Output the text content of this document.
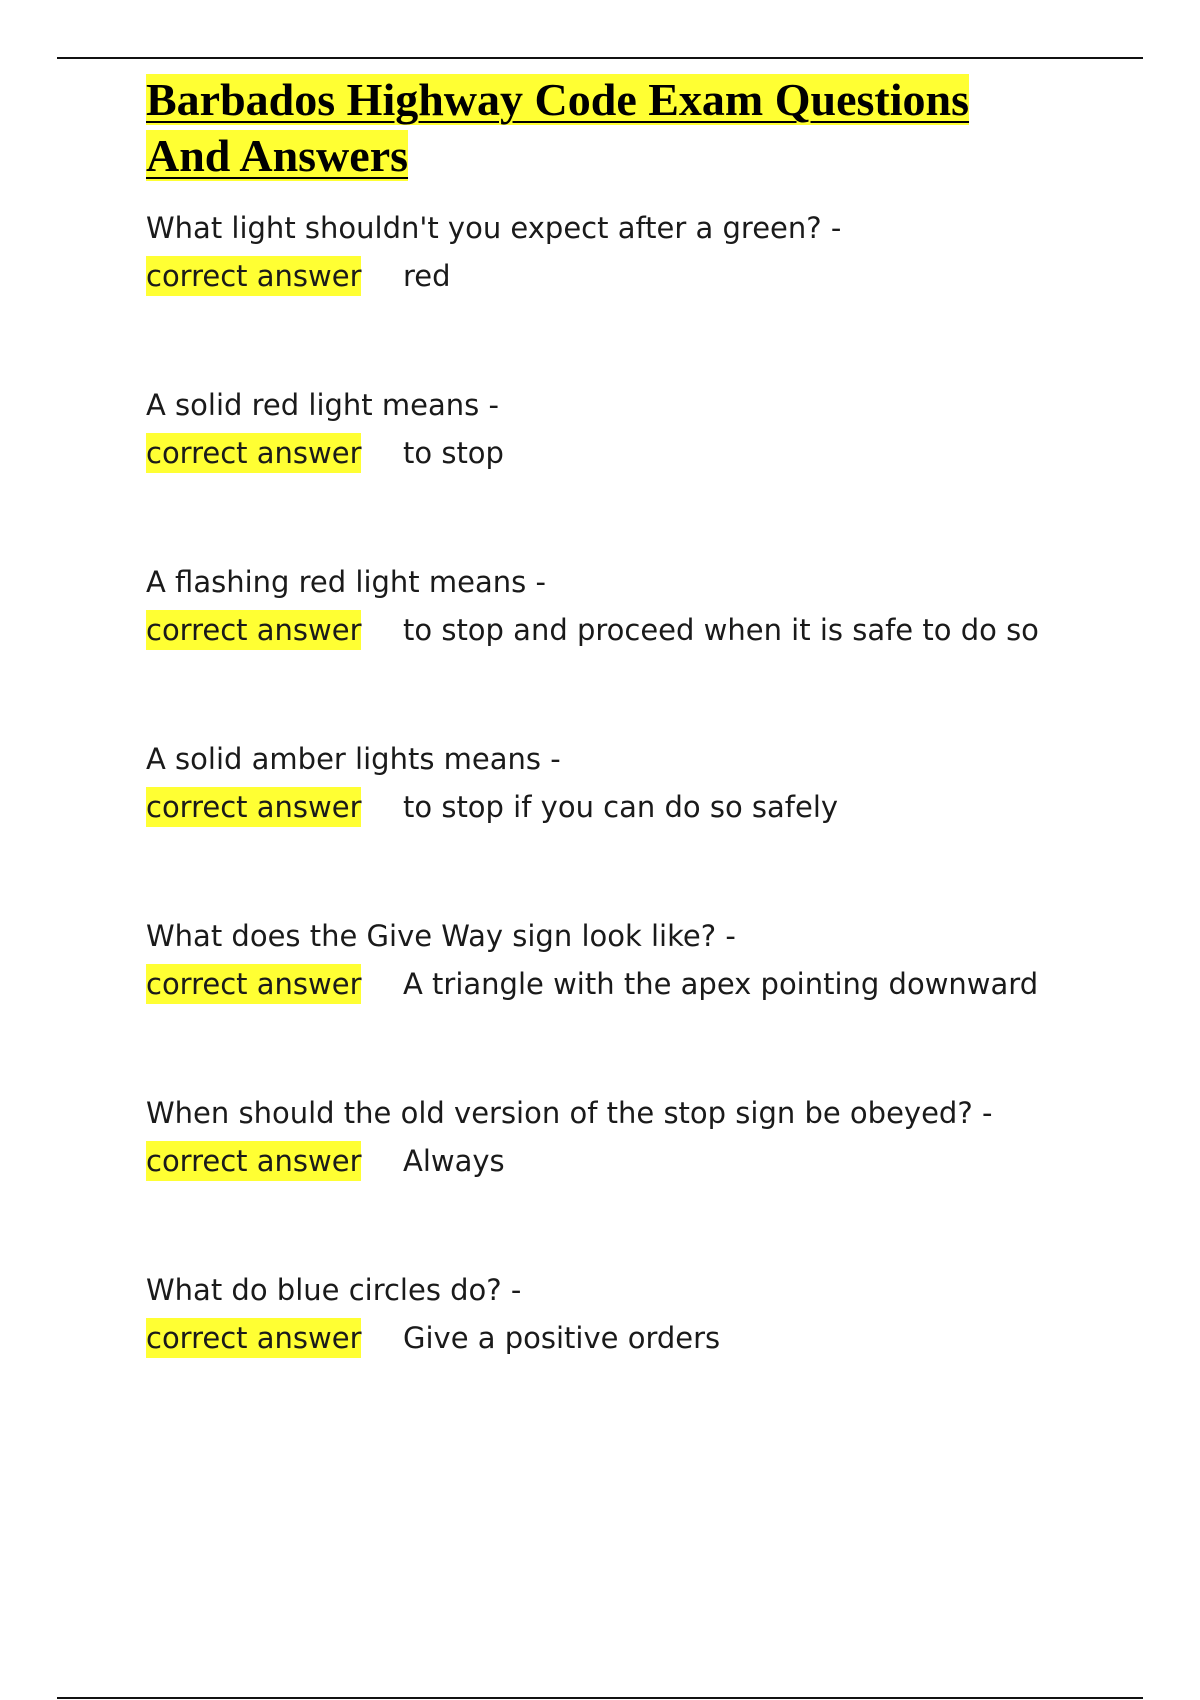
Barbados Highway Code Exam Questions
And Answers
What light shouldn't you expect after a green? -
correct answer red
A solid red light means -
correct answer to stop
A flashing red light means -
correct answer to stop and proceed when it is safe to do so
A solid amber lights means -
correct answer to stop if you can do so safely
What does the Give Way sign look like? -
correct answer A triangle with the apex pointing downward
When should the old version of the stop sign be obeyed? -
correct answer Always
What do blue circles do? -
correct answer Give a positive orders
